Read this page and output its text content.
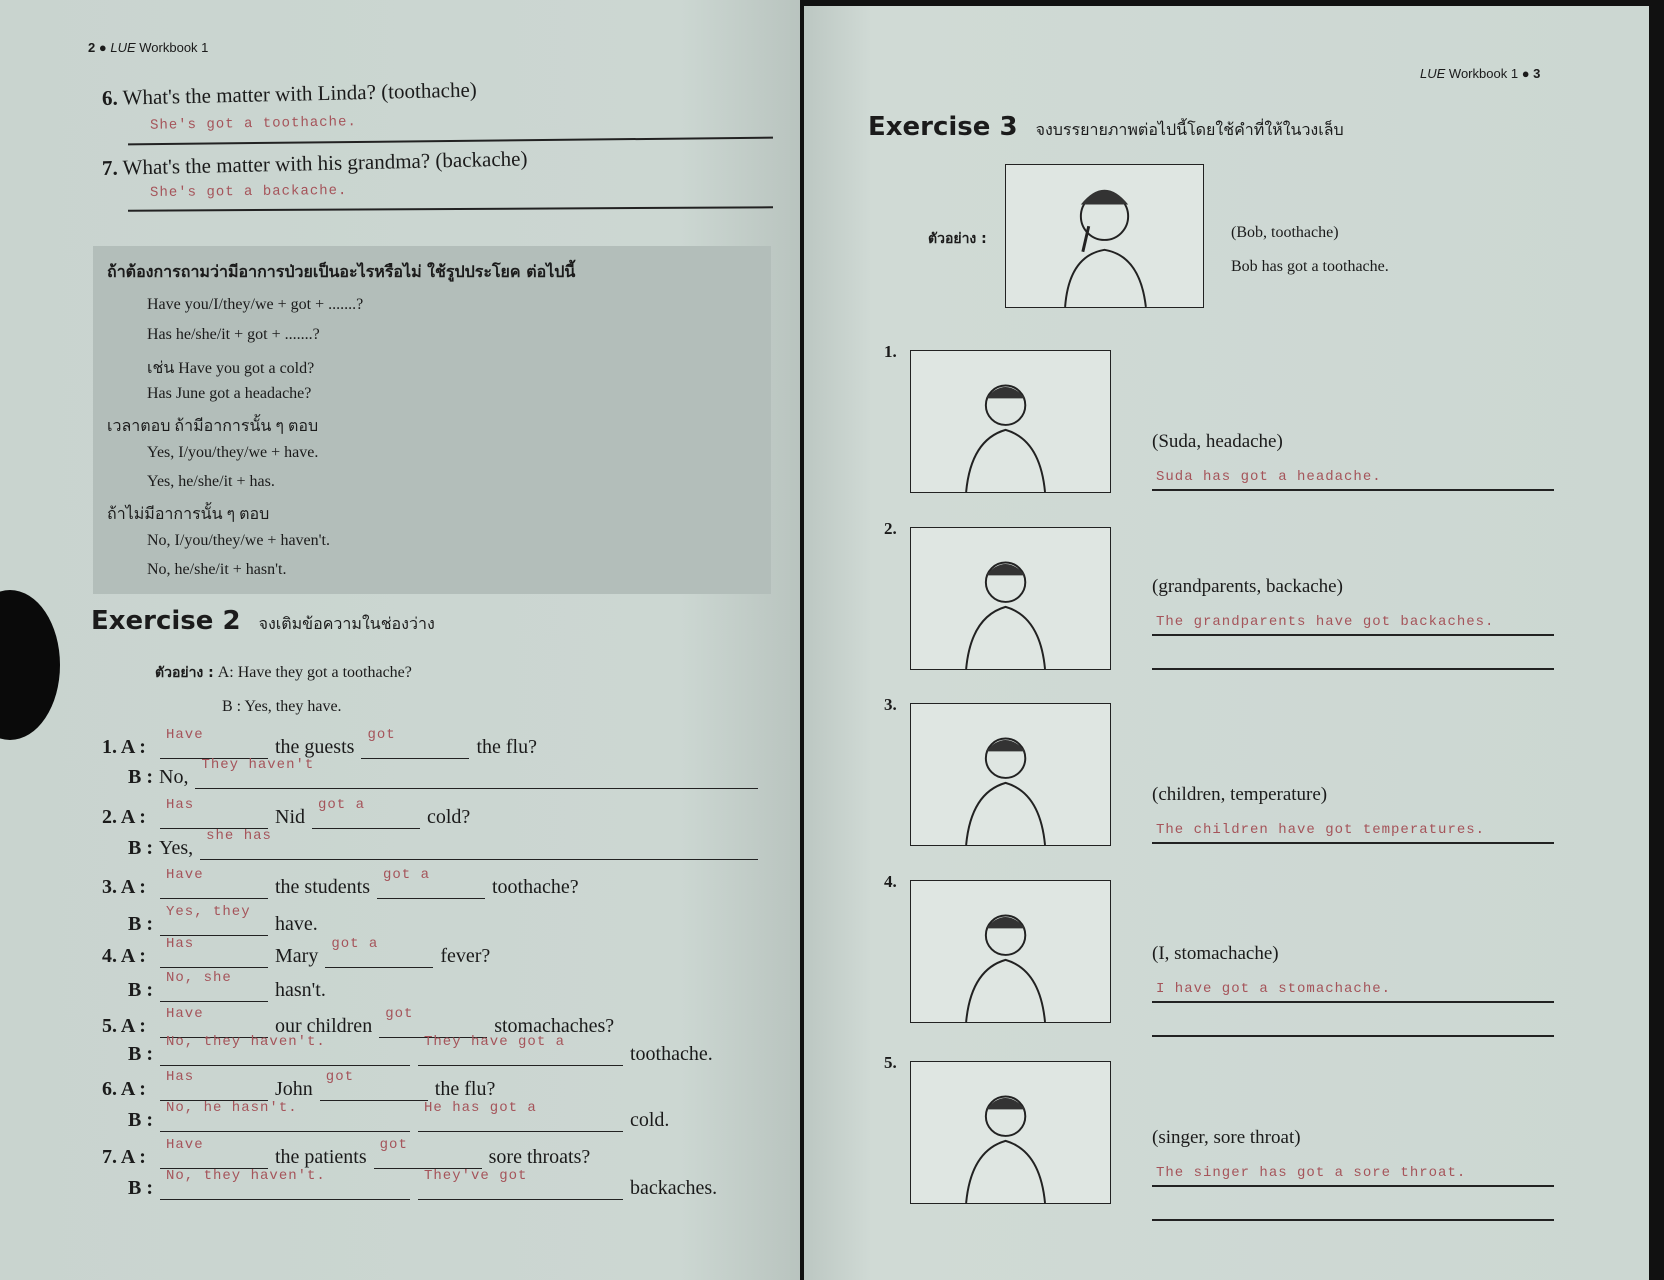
2 ● LUE Workbook 1
6. What's the matter with Linda? (toothache)
She's got a toothache.
7. What's the matter with his grandma? (backache)
She's got a backache.
ถ้าต้องการถามว่ามีอาการป่วยเป็นอะไรหรือไม่ ใช้รูปประโยค ต่อไปนี้
Have you/I/they/we + got + .......?
Has he/she/it + got + .......?
เช่น Have you got a cold?
Has June got a headache?
เวลาตอบ ถ้ามีอาการนั้น ๆ ตอบ
Yes, I/you/they/we + have.
Yes, he/she/it + has.
ถ้าไม่มีอาการนั้น ๆ ตอบ
No, I/you/they/we + haven't.
No, he/she/it + hasn't.
Exercise 2 จงเติมข้อความในช่องว่าง
ตัวอย่าง : A: Have they got a toothache?
B : Yes, they have.
1. A :
Have
the guests
got
the flu?
B : No,
They haven't
2. A :
Has
Nid
got a
cold?
B : Yes,
she has
3. A :
Have
the students
got a
toothache?
B :
Yes, they
have.
4. A :
Has
Mary
got a
fever?
B :
No, she
hasn't.
5. A :
Have
our children
got
stomachaches?
B :
No, they haven't.	They have got a
toothache.
6. A :
Has
John
got
the flu?
B :
No, he hasn't.	He has got a
cold.
7. A :
Have
the patients
got
sore throats?
B :
No, they haven't.	They've got
backaches.
LUE Workbook 1 ● 3
Exercise 3 จงบรรยายภาพต่อไปนี้โดยใช้คำที่ให้ในวงเล็บ
ตัวอย่าง :	(Bob, toothache)
Bob has got a toothache.
1.
(Suda, headache)
Suda has got a headache.
2.
(grandparents, backache)
The grandparents have got backaches.
3.
(children, temperature)
The children have got temperatures.
4.
(I, stomachache)
I have got a stomachache.
5.
(singer, sore throat)
The singer has got a sore throat.
